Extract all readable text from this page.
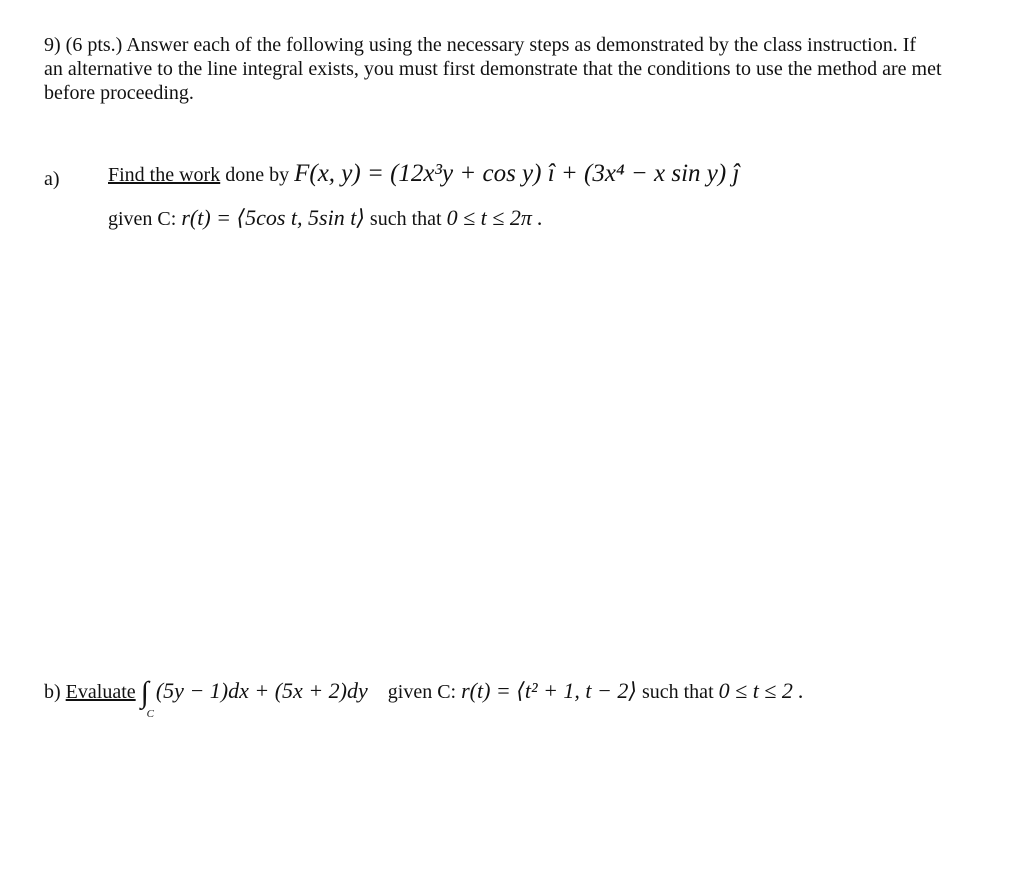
9) (6 pts.) Answer each of the following using the necessary steps as demonstrated by the class instruction. If
an alternative to the line integral exists, you must first demonstrate that the conditions to use the method are met
before proceeding.
a) Find the work done by F(x, y) = (12x³y + cos y) î + (3x⁴ − x sin y) ĵ
given C: r(t) = ⟨5cos t, 5sin t⟩ such that 0 ≤ t ≤ 2π .
b) Evaluate ∫
C
(5y − 1)dx + (5x + 2)dy given C: r(t) = ⟨t² + 1, t − 2⟩ such that 0 ≤ t ≤ 2 .
